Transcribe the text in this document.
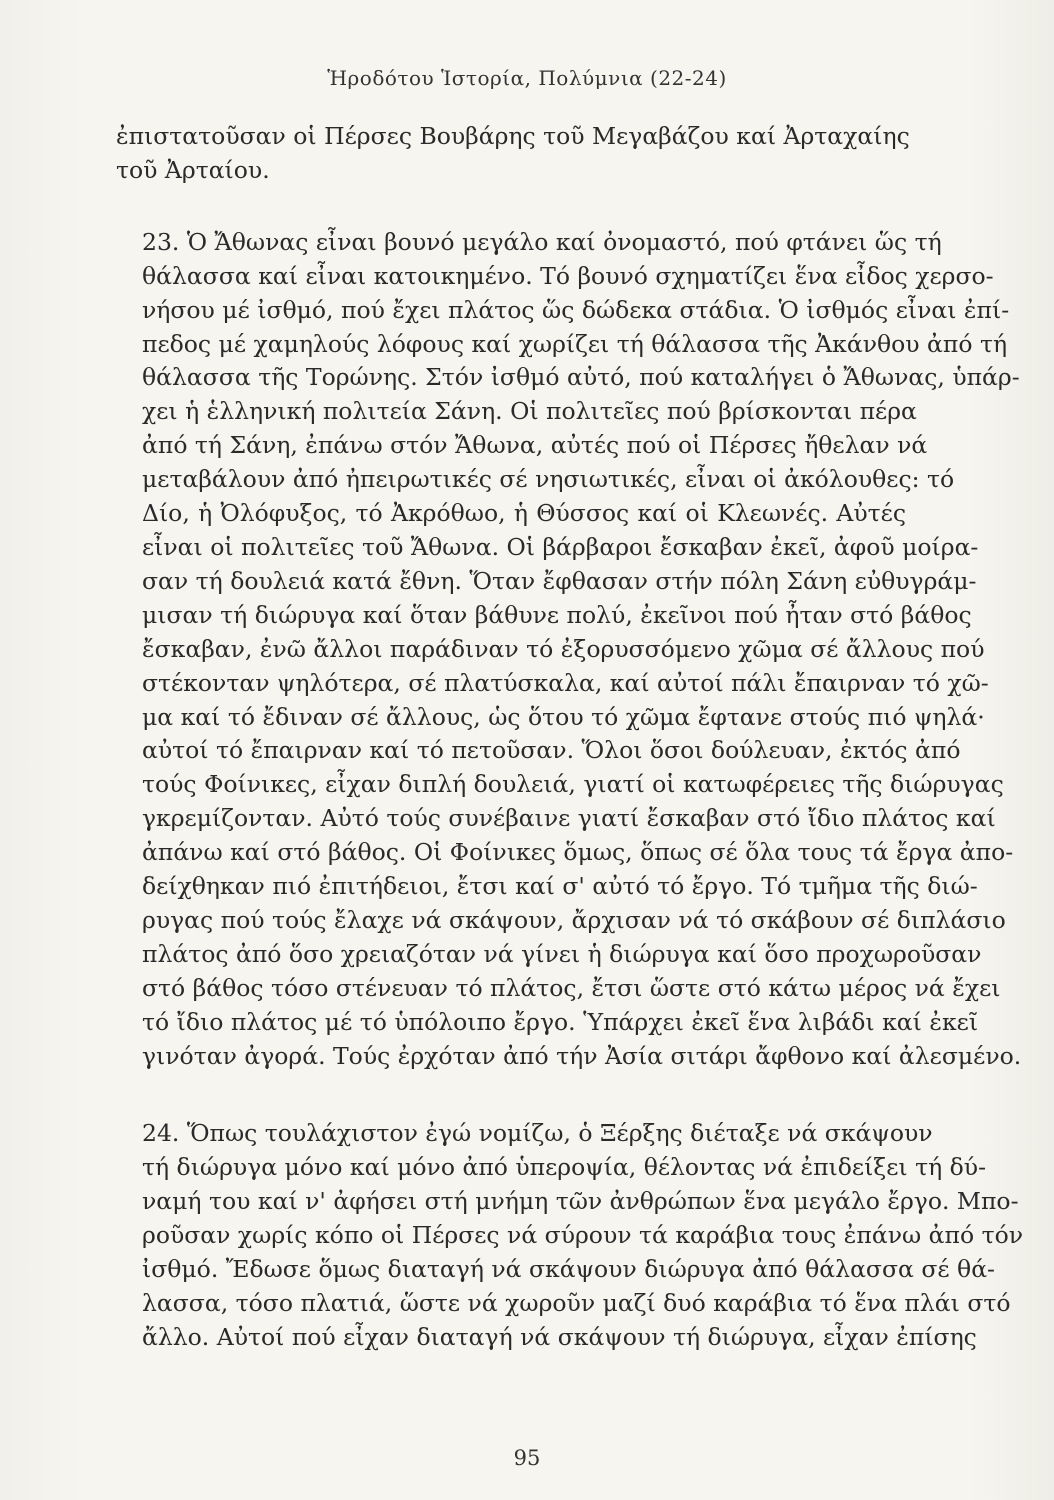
Ἡροδότου Ἱστορία, Πολύμνια (22-24)

ἐπιστατοῦσαν οἱ Πέρσες Βουβάρης τοῦ Μεγαβάζου καί Ἀρταχαίης
τοῦ Ἀρταίου.

23. Ὁ Ἄθωνας εἶναι βουνό μεγάλο καί ὀνομαστό, πού φτάνει ὥς τή
θάλασσα καί εἶναι κατοικημένο. Τό βουνό σχηματίζει ἕνα εἶδος χερσο-
νήσου μέ ἰσθμό, πού ἔχει πλάτος ὥς δώδεκα στάδια. Ὁ ἰσθμός εἶναι ἐπί-
πεδος μέ χαμηλούς λόφους καί χωρίζει τή θάλασσα τῆς Ἀκάνθου ἀπό τή
θάλασσα τῆς Τορώνης. Στόν ἰσθμό αὐτό, πού καταλήγει ὁ Ἄθωνας, ὑπάρ-
χει ἡ ἑλληνική πολιτεία Σάνη. Οἱ πολιτεῖες πού βρίσκονται πέρα
ἀπό τή Σάνη, ἐπάνω στόν Ἄθωνα, αὐτές πού οἱ Πέρσες ἤθελαν νά
μεταβάλουν ἀπό ἠπειρωτικές σέ νησιωτικές, εἶναι οἱ ἀκόλουθες: τό
Δίο, ἡ Ὀλόφυξος, τό Ἀκρόθωο, ἡ Θύσσος καί οἱ Κλεωνές. Αὐτές
εἶναι οἱ πολιτεῖες τοῦ Ἄθωνα. Οἱ βάρβαροι ἔσκαβαν ἐκεῖ, ἀφοῦ μοίρα-
σαν τή δουλειά κατά ἔθνη. Ὅταν ἔφθασαν στήν πόλη Σάνη εὐθυγράμ-
μισαν τή διώρυγα καί ὅταν βάθυνε πολύ, ἐκεῖνοι πού ἦταν στό βάθος
ἔσκαβαν, ἐνῶ ἄλλοι παράδιναν τό ἐξορυσσόμενο χῶμα σέ ἄλλους πού
στέκονταν ψηλότερα, σέ πλατύσκαλα, καί αὐτοί πάλι ἔπαιρναν τό χῶ-
μα καί τό ἔδιναν σέ ἄλλους, ὡς ὅτου τό χῶμα ἔφτανε στούς πιό ψηλά·
αὐτοί τό ἔπαιρναν καί τό πετοῦσαν. Ὅλοι ὅσοι δούλευαν, ἐκτός ἀπό
τούς Φοίνικες, εἶχαν διπλή δουλειά, γιατί οἱ κατωφέρειες τῆς διώρυγας
γκρεμίζονταν. Αὐτό τούς συνέβαινε γιατί ἔσκαβαν στό ἴδιο πλάτος καί
ἀπάνω καί στό βάθος. Οἱ Φοίνικες ὅμως, ὅπως σέ ὅλα τους τά ἔργα ἀπο-
δείχθηκαν πιό ἐπιτήδειοι, ἔτσι καί σ' αὐτό τό ἔργο. Τό τμῆμα τῆς διώ-
ρυγας πού τούς ἔλαχε νά σκάψουν, ἄρχισαν νά τό σκάβουν σέ διπλάσιο
πλάτος ἀπό ὅσο χρειαζόταν νά γίνει ἡ διώρυγα καί ὅσο προχωροῦσαν
στό βάθος τόσο στένευαν τό πλάτος, ἔτσι ὥστε στό κάτω μέρος νά ἔχει
τό ἴδιο πλάτος μέ τό ὑπόλοιπο ἔργο. Ὑπάρχει ἐκεῖ ἕνα λιβάδι καί ἐκεῖ
γινόταν ἀγορά. Τούς ἐρχόταν ἀπό τήν Ἀσία σιτάρι ἄφθονο καί ἀλεσμένο.

24. Ὅπως τουλάχιστον ἐγώ νομίζω, ὁ Ξέρξης διέταξε νά σκάψουν
τή διώρυγα μόνο καί μόνο ἀπό ὑπεροψία, θέλοντας νά ἐπιδείξει τή δύ-
ναμή του καί ν' ἀφήσει στή μνήμη τῶν ἀνθρώπων ἕνα μεγάλο ἔργο. Μπο-
ροῦσαν χωρίς κόπο οἱ Πέρσες νά σύρουν τά καράβια τους ἐπάνω ἀπό τόν
ἰσθμό. Ἔδωσε ὅμως διαταγή νά σκάψουν διώρυγα ἀπό θάλασσα σέ θά-
λασσα, τόσο πλατιά, ὥστε νά χωροῦν μαζί δυό καράβια τό ἕνα πλάι στό
ἄλλο. Αὐτοί πού εἶχαν διαταγή νά σκάψουν τή διώρυγα, εἶχαν ἐπίσης

95
